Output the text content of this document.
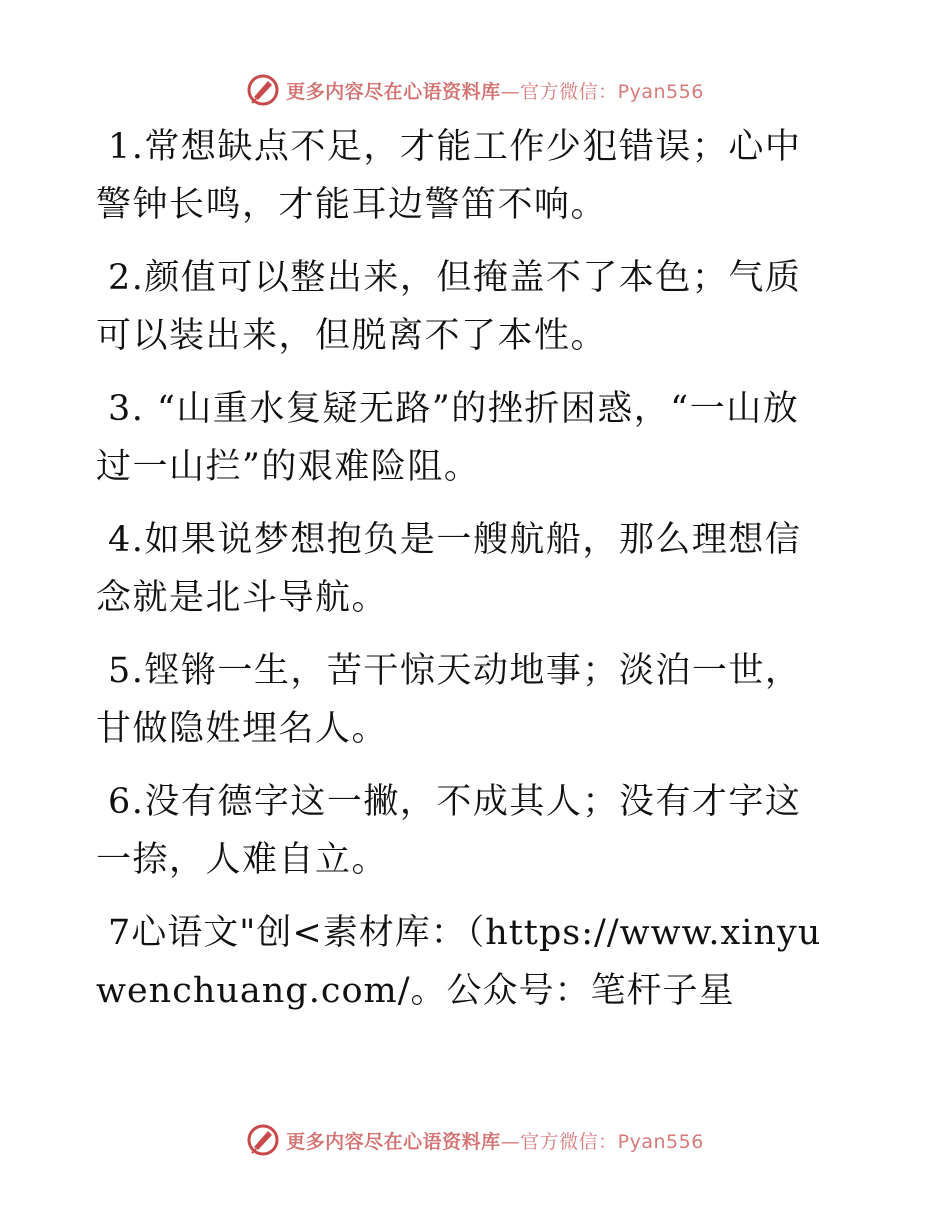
更多内容尽在心语资料库—官方微信：Pyan556

1.常想缺点不足，才能工作少犯错误；心中警钟长鸣，才能耳边警笛不响。

2.颜值可以整出来，但掩盖不了本色；气质可以装出来，但脱离不了本性。

3. “山重水复疑无路”的挫折困惑，“一山放过一山拦”的艰难险阻。

4.如果说梦想抱负是一艘航船，那么理想信念就是北斗导航。

5.铿锵一生，苦干惊天动地事；淡泊一世，甘做隐姓埋名人。

6.没有德字这一撇，不成其人；没有才字这一捺，人难自立。

7心语文"创<素材库：（https://www.xinyuwenchuang.com/。公众号：笔杆子星

更多内容尽在心语资料库—官方微信：Pyan556
